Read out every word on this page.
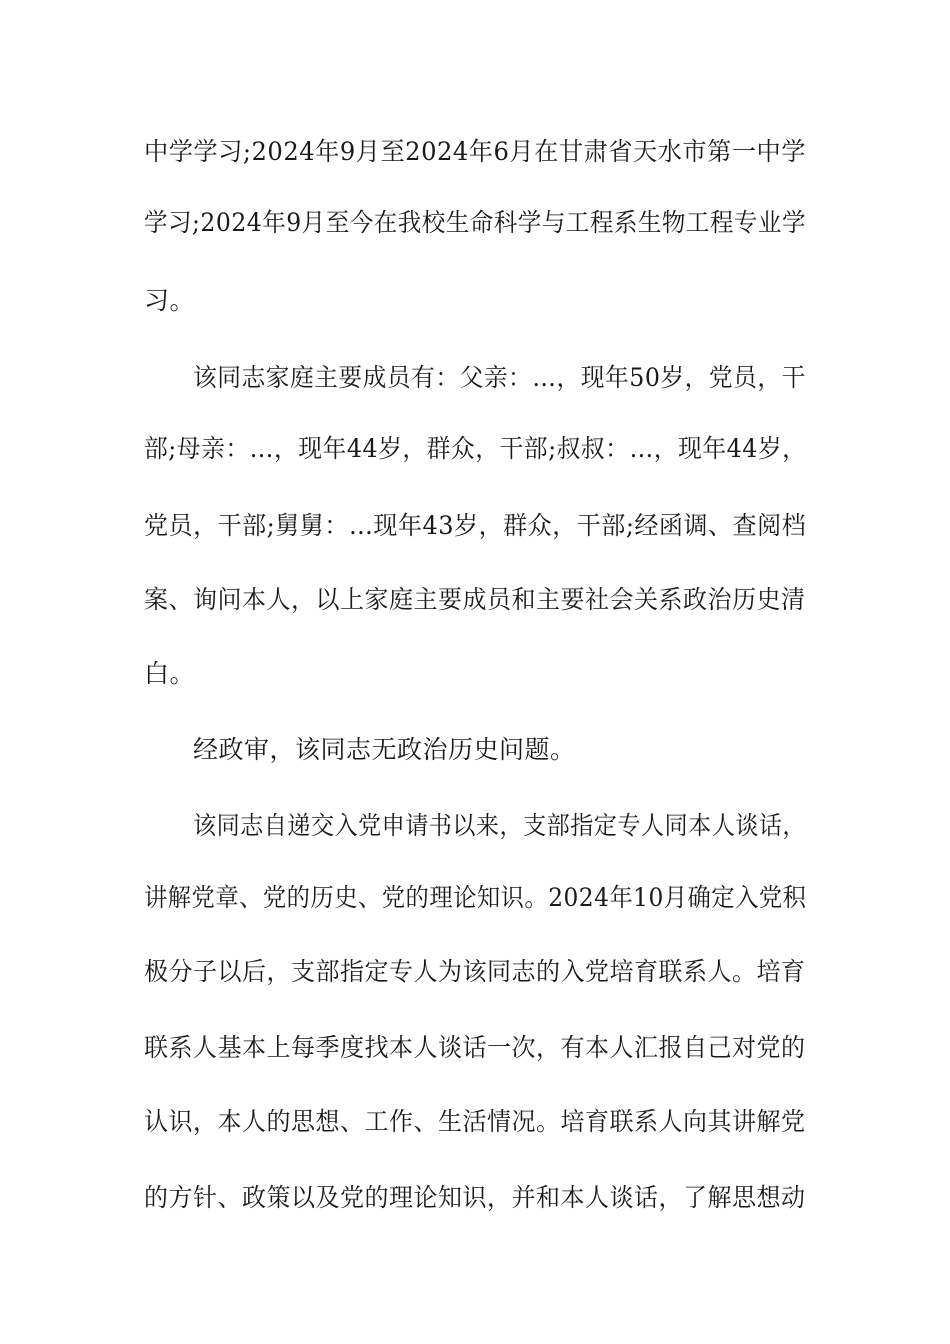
中学学习;2024年9月至2024年6月在甘肃省天水市第一中学
学习;2024年9月至今在我校生命科学与工程系生物工程专业学
习。
该同志家庭主要成员有：父亲：…，现年50岁，党员，干
部;母亲：…，现年44岁，群众，干部;叔叔：…，现年44岁，
党员，干部;舅舅：…现年43岁，群众，干部;经函调、查阅档
案、询问本人，以上家庭主要成员和主要社会关系政治历史清
白。
经政审，该同志无政治历史问题。
该同志自递交入党申请书以来，支部指定专人同本人谈话，
讲解党章、党的历史、党的理论知识。2024年10月确定入党积
极分子以后，支部指定专人为该同志的入党培育联系人。培育
联系人基本上每季度找本人谈话一次，有本人汇报自己对党的
认识，本人的思想、工作、生活情况。培育联系人向其讲解党
的方针、政策以及党的理论知识，并和本人谈话，了解思想动
